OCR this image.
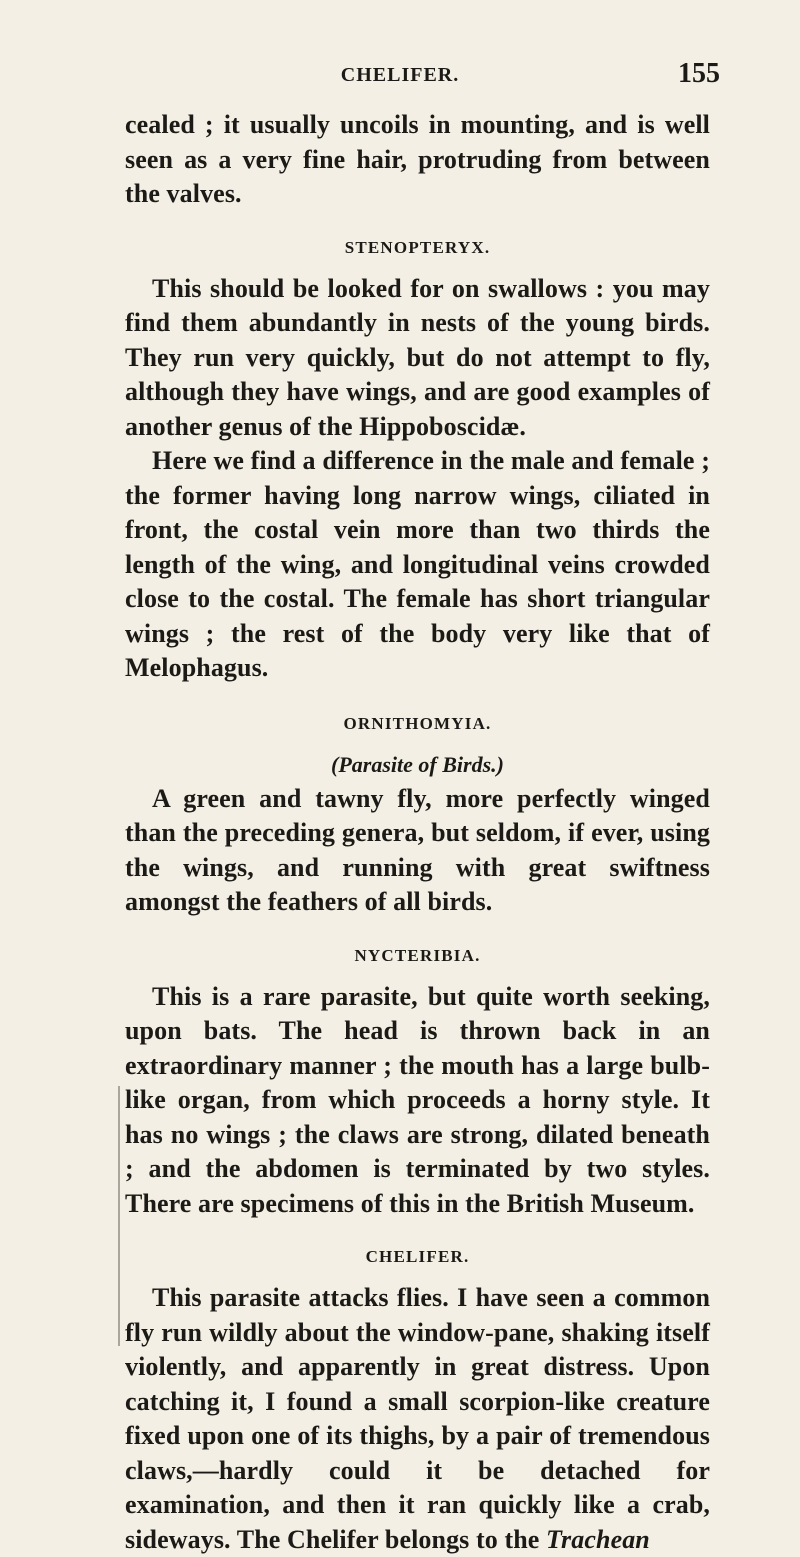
CHELIFER.	155

cealed ; it usually uncoils in mounting, and is well seen as a very fine hair, protruding from between the valves.

STENOPTERYX.

This should be looked for on swallows : you may find them abundantly in nests of the young birds. They run very quickly, but do not attempt to fly, although they have wings, and are good examples of another genus of the Hippoboscidæ.

Here we find a difference in the male and female ; the former having long narrow wings, ciliated in front, the costal vein more than two thirds the length of the wing, and longitudinal veins crowded close to the costal. The female has short triangular wings ; the rest of the body very like that of Melophagus.

ORNITHOMYIA.
(Parasite of Birds.)

A green and tawny fly, more perfectly winged than the preceding genera, but seldom, if ever, using the wings, and running with great swiftness amongst the feathers of all birds.

NYCTERIBIA.

This is a rare parasite, but quite worth seeking, upon bats. The head is thrown back in an extraordinary manner ; the mouth has a large bulb-like organ, from which proceeds a horny style. It has no wings ; the claws are strong, dilated beneath ; and the abdomen is terminated by two styles. There are specimens of this in the British Museum.

CHELIFER.

This parasite attacks flies. I have seen a common fly run wildly about the window-pane, shaking itself violently, and apparently in great distress. Upon catching it, I found a small scorpion-like creature fixed upon one of its thighs, by a pair of tremendous claws,—hardly could it be detached for examination, and then it ran quickly like a crab, sideways. The Chelifer belongs to the Trachean
